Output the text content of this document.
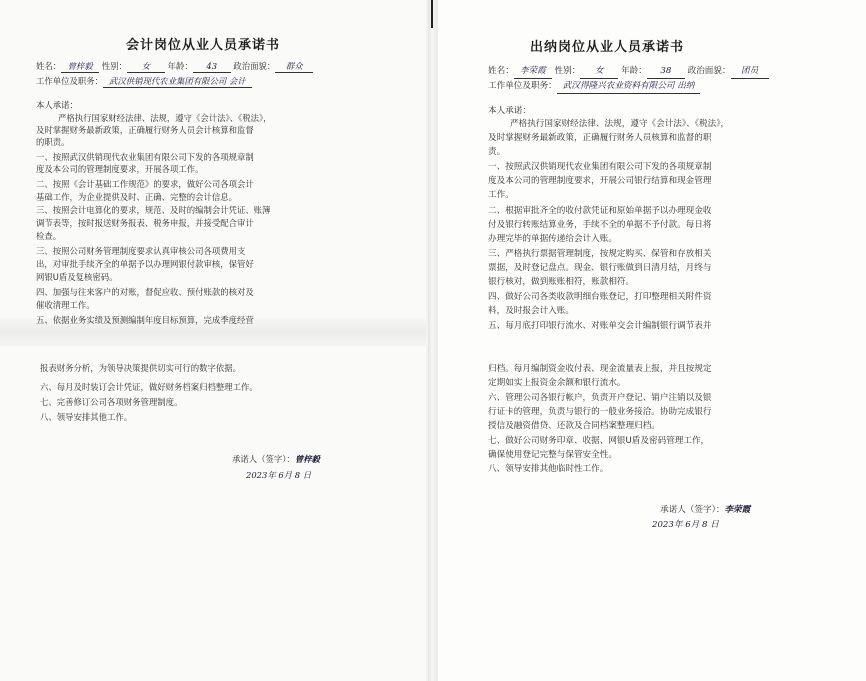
会计岗位从业人员承诺书
姓名： 曾梓毅 性别： 女 年龄： 43 政治面貌： 群众
工作单位及职务： 武汉供销现代农业集团有限公司 会计
本人承诺：
严格执行国家财经法律、法规，遵守《会计法》、《税法》，
及时掌握财务最新政策，正确履行财务人员会计核算和监督
的职责。
一、按照武汉供销现代农业集团有限公司下发的各项规章制
度及本公司的管理制度要求，开展各项工作。
二、按照《会计基础工作规范》的要求，做好公司各项会计
基础工作，为企业提供及时、正确、完整的会计信息。
三、按照会计电算化的要求，规范、及时的编制会计凭证、账簿
调节表等，按时报送财务报表、税务申报，并接受配合审计
检查。
三、按照公司财务管理制度要求认真审核公司各项费用支
出，对审批手续齐全的单据予以办理网银付款审核，保管好
网银U盾及复核密码。
四、加强与往来客户的对账，督促应收、预付账款的核对及
催收清理工作。
五、依据业务实绩及预测编制年度目标预算，完成季度经营
报表财务分析，为领导决策提供切实可行的数字依据。
六、每月及时装订会计凭证，做好财务档案归档整理工作。
七、完善修订公司各项财务管理制度。
八、领导安排其他工作。
承诺人（签字）：曾梓毅
2023年 6月 8 日
出纳岗位从业人员承诺书
姓名： 李荣霞 性别： 女 年龄： 38 政治面貌： 团员
工作单位及职务： 武汉得隆兴农业资料有限公司 出纳
本人承诺：
严格执行国家财经法律、法规，遵守《会计法》、《税法》，
及时掌握财务最新政策，正确履行财务人员核算和监督的职
责。
一、按照武汉供销现代农业集团有限公司下发的各项规章制
度及本公司的管理制度要求，开展公司银行结算和现金管理
工作。
二、根据审批齐全的收付款凭证和原始单据予以办理现金收
付及银行转账结算业务，手续不全的单据不予付款。每日将
办理完毕的单据传递给会计入账。
三、严格执行票据管理制度，按规定购买、保管和存放相关
票据，及时登记盘点。现金、银行账做到日清月结，月终与
银行核对，做到账账相符，账款相符。
四、做好公司各类收款明细台账登记，打印整理相关附件资
料，及时报会计入账。
五、每月底打印银行流水、对账单交会计编制银行调节表并
归档。每月编制资金收付表、现金流量表上报，并且按规定
定期如实上报资金余额和银行流水。
六、管理公司各银行帐户，负责开户登记、销户注销以及银
行证卡的管理，负责与银行的一般业务接洽。协助完成银行
授信及融资借贷、还款及合同档案整理归档。
七、做好公司财务印章、收据、网银U盾及密码管理工作，
确保使用登记完整与保管安全性。
八、领导安排其他临时性工作。
承诺人（签字）：李荣霞
2023年 6月 8 日
